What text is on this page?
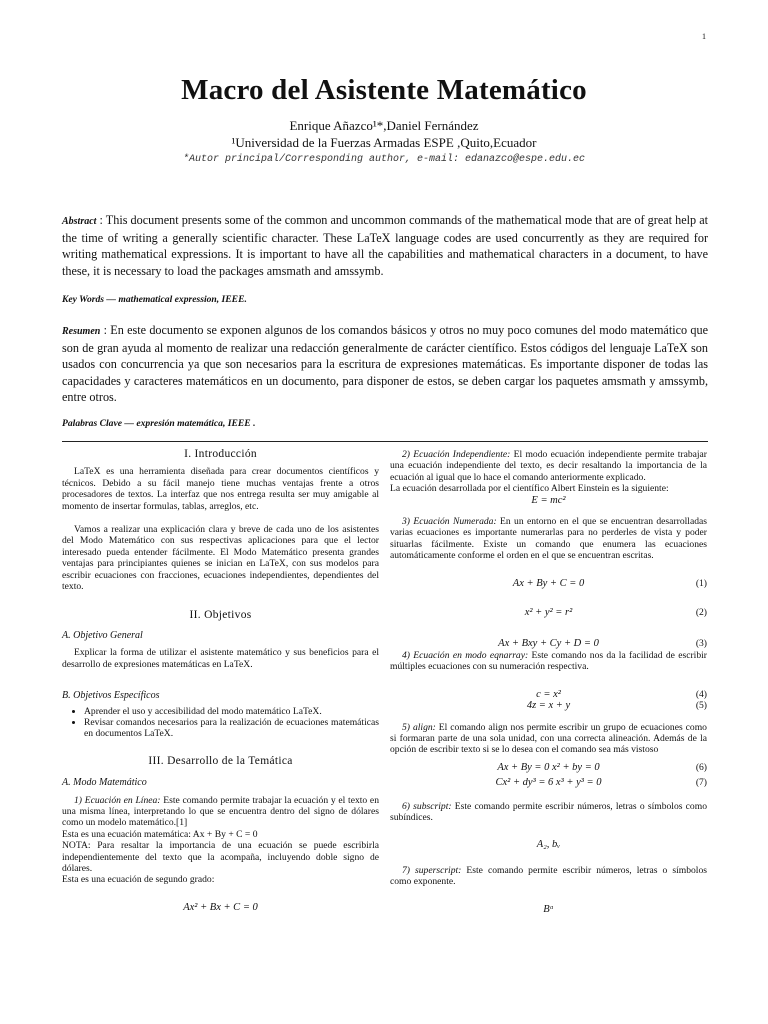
1
Macro del Asistente Matemático
Enrique Añazco¹*,Daniel Fernández
¹Universidad de la Fuerzas Armadas ESPE ,Quito,Ecuador
*Autor principal/Corresponding author, e-mail: edanazco@espe.edu.ec
Abstract : This document presents some of the common and uncommon commands of the mathematical mode that are of great help at the time of writing a generally scientific character. These LaTeX language codes are used concurrently as they are required for writing mathematical expressions. It is important to have all the capabilities and mathematical characters in a document, to have these, it is necessary to load the packages amsmath and amssymb.
Key Words — mathematical expression, IEEE.
Resumen : En este documento se exponen algunos de los comandos básicos y otros no muy poco comunes del modo matemático que son de gran ayuda al momento de realizar una redacción generalmente de carácter científico. Estos códigos del lenguaje LaTeX son usados con concurrencia ya que son necesarios para la escritura de expresiones matemáticas. Es importante disponer de todas las capacidades y caracteres matemáticos en un documento, para disponer de estos, se deben cargar los paquetes amsmath y amssymb, entre otros.
Palabras Clave — expresión matemática, IEEE .

I. Introducción

LaTeX es una herramienta diseñada para crear documentos científicos y técnicos. Debido a su fácil manejo tiene muchas ventajas frente a otros procesadores de textos. La interfaz que nos entrega resulta ser muy amigable al momento de insertar formulas, tablas, arreglos, etc.

Vamos a realizar una explicación clara y breve de cada uno de los asistentes del Modo Matemático con sus respectivas aplicaciones para que el lector interesado pueda entender fácilmente. El Modo Matemático presenta grandes ventajas para principiantes quienes se inician en LaTeX, con sus modelos para escribir ecuaciones con fracciones, ecuaciones independientes, dependientes del texto.

II. Objetivos

A. Objetivo General

Explicar la forma de utilizar el asistente matemático y sus beneficios para el desarrollo de expresiones matemáticas en LaTeX.

B. Objetivos Específicos

• Aprender el uso y accesibilidad del modo matemático LaTeX.
• Revisar comandos necesarios para la realización de ecuaciones matemáticas en documentos LaTeX.

III. Desarrollo de la Temática

A. Modo Matemático

1) Ecuación en Línea: Este comando permite trabajar la ecuación y el texto en una misma línea, interpretando lo que se encuentra dentro del signo de dólares como un modelo matemático.[1]

Esta es una ecuación matemática: Ax + By + C = 0

NOTA: Para resaltar la importancia de una ecuación se puede escribirla independientemente del texto que la acompaña, incluyendo doble signo de dólares.

Esta es una ecuación de segundo grado:

Ax² + Bx + C = 0

2) Ecuación Independiente: El modo ecuación independiente permite trabajar una ecuación independiente del texto, es decir resaltando la importancia de la ecuación al igual que lo hace el comando anteriormente explicado.

La ecuación desarrollada por el científico Albert Einstein es la siguiente:

E = mc²

3) Ecuación Numerada: En un entorno en el que se encuentran desarrolladas varias ecuaciones es importante numerarlas para no perderles de vista y poder situarlas fácilmente. Existe un comando que enumera las ecuaciones automáticamente conforme el orden en el que se encuentran escritas.

Ax + By + C = 0	(1)
x² + y² = r²	(2)
Ax + Bxy + Cy + D = 0	(3)

4) Ecuación en modo eqnarray: Este comando nos da la facilidad de escribir múltiples ecuaciones con su numeración respectiva.

c = x²	(4)
4z = x + y	(5)

5) align: El comando align nos permite escribir un grupo de ecuaciones como si formaran parte de una sola unidad, con una correcta alineación. Además de la opción de escribir texto si se lo desea con el comando sea más vistoso

Ax + By = 0 x² + by = 0	(6)
Cx² + dy³ = 6 x³ + y³ = 0	(7)

6) subscript: Este comando permite escribir números, letras o símbolos como subíndices.

A₂, bᵥ

7) superscript: Este comando permite escribir números, letras o símbolos como exponente.

Bᵅ
